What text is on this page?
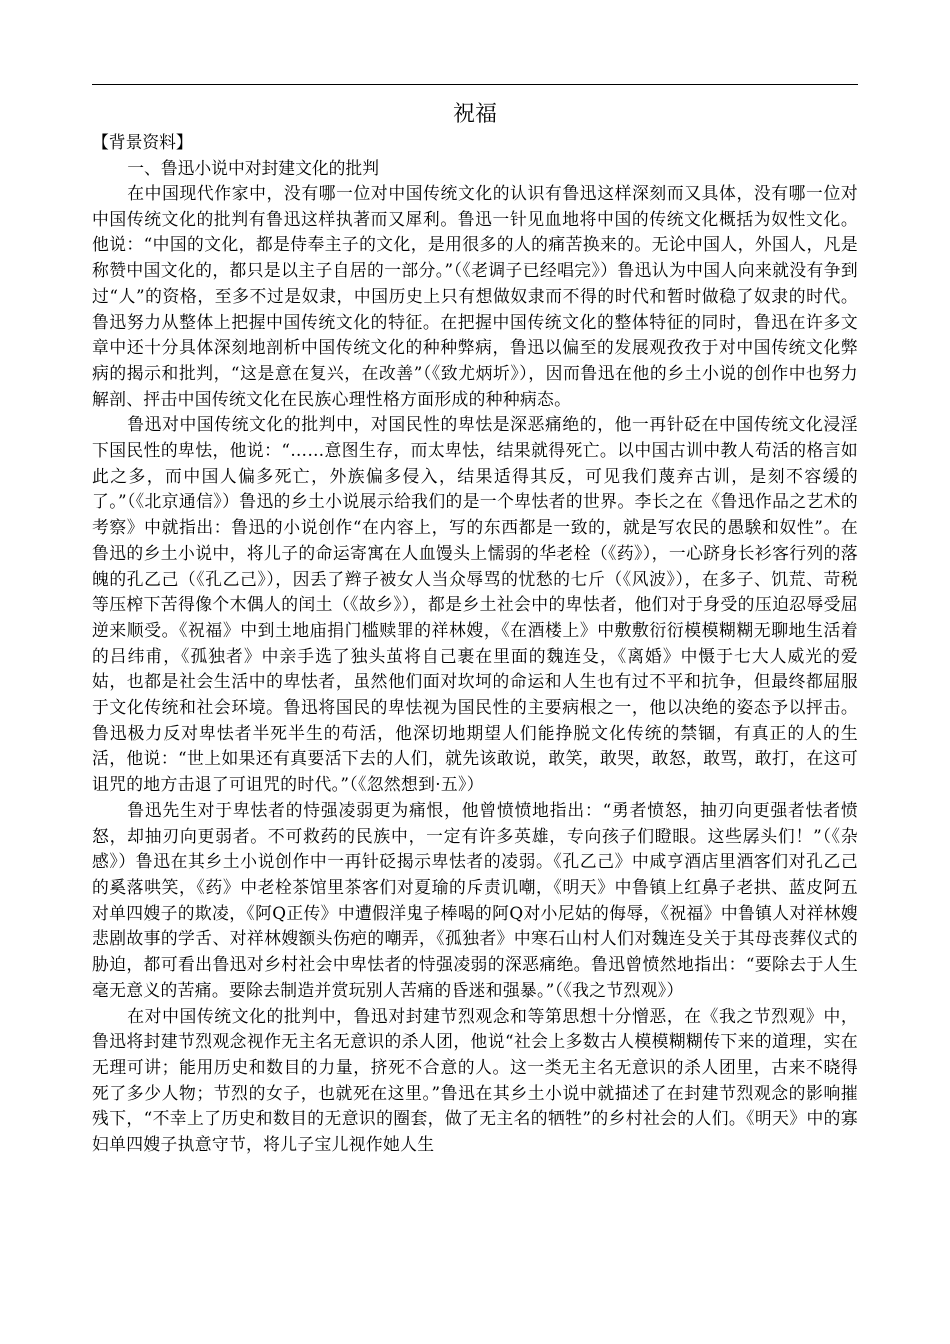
祝福
【背景资料】
一、鲁迅小说中对封建文化的批判

在中国现代作家中，没有哪一位对中国传统文化的认识有鲁迅这样深刻而又具体，没有哪一位对中国传统文化的批判有鲁迅这样执著而又犀利。鲁迅一针见血地将中国的传统文化概括为奴性文化。他说：“中国的文化，都是侍奉主子的文化，是用很多的人的痛苦换来的。无论中国人，外国人，凡是称赞中国文化的，都只是以主子自居的一部分。”（《老调子已经唱完》）鲁迅认为中国人向来就没有争到过“人”的资格，至多不过是奴隶，中国历史上只有想做奴隶而不得的时代和暂时做稳了奴隶的时代。鲁迅努力从整体上把握中国传统文化的特征。在把握中国传统文化的整体特征的同时，鲁迅在许多文章中还十分具体深刻地剖析中国传统文化的种种弊病，鲁迅以偏至的发展观孜孜于对中国传统文化弊病的揭示和批判，“这是意在复兴，在改善”（《致尤炳圻》），因而鲁迅在他的乡土小说的创作中也努力解剖、抨击中国传统文化在民族心理性格方面形成的种种病态。

鲁迅对中国传统文化的批判中，对国民性的卑怯是深恶痛绝的，他一再针砭在中国传统文化浸淫下国民性的卑怯，他说：“……意图生存，而太卑怯，结果就得死亡。以中国古训中教人苟活的格言如此之多，而中国人偏多死亡，外族偏多侵入，结果适得其反，可见我们蔑弃古训，是刻不容缓的了。”（《北京通信》）鲁迅的乡土小说展示给我们的是一个卑怯者的世界。李长之在《鲁迅作品之艺术的考察》中就指出：鲁迅的小说创作“在内容上，写的东西都是一致的，就是写农民的愚騃和奴性”。在鲁迅的乡土小说中，将儿子的命运寄寓在人血馒头上懦弱的华老栓（《药》），一心跻身长衫客行列的落魄的孔乙己（《孔乙己》），因丢了辫子被女人当众辱骂的忧愁的七斤（《风波》），在多子、饥荒、苛税等压榨下苦得像个木偶人的闰土（《故乡》），都是乡土社会中的卑怯者，他们对于身受的压迫忍辱受屈逆来顺受。《祝福》中到土地庙捐门槛赎罪的祥林嫂，《在酒楼上》中敷敷衍衍模模糊糊无聊地生活着的吕纬甫，《孤独者》中亲手选了独头茧将自己裹在里面的魏连殳，《离婚》中慑于七大人威光的爱姑，也都是社会生活中的卑怯者，虽然他们面对坎坷的命运和人生也有过不平和抗争，但最终都屈服于文化传统和社会环境。鲁迅将国民的卑怯视为国民性的主要病根之一，他以决绝的姿态予以抨击。鲁迅极力反对卑怯者半死半生的苟活，他深切地期望人们能挣脱文化传统的禁锢，有真正的人的生活，他说：“世上如果还有真要活下去的人们，就先该敢说，敢笑，敢哭，敢怒，敢骂，敢打，在这可诅咒的地方击退了可诅咒的时代。”（《忽然想到·五》）

鲁迅先生对于卑怯者的恃强凌弱更为痛恨，他曾愤愤地指出：“勇者愤怒，抽刃向更强者怯者愤怒，却抽刃向更弱者。不可救药的民族中，一定有许多英雄，专向孩子们瞪眼。这些孱头们！”（《杂感》）鲁迅在其乡土小说创作中一再针砭揭示卑怯者的凌弱。《孔乙己》中咸亨酒店里酒客们对孔乙己的奚落哄笑，《药》中老栓茶馆里茶客们对夏瑜的斥责讥嘲，《明天》中鲁镇上红鼻子老拱、蓝皮阿五对单四嫂子的欺凌，《阿Q正传》中遭假洋鬼子棒喝的阿Q对小尼姑的侮辱，《祝福》中鲁镇人对祥林嫂悲剧故事的学舌、对祥林嫂额头伤疤的嘲弄，《孤独者》中寒石山村人们对魏连殳关于其母丧葬仪式的胁迫，都可看出鲁迅对乡村社会中卑怯者的恃强凌弱的深恶痛绝。鲁迅曾愤然地指出：“要除去于人生毫无意义的苦痛。要除去制造并赏玩别人苦痛的昏迷和强暴。”（《我之节烈观》）

在对中国传统文化的批判中，鲁迅对封建节烈观念和等第思想十分憎恶，在《我之节烈观》中，鲁迅将封建节烈观念视作无主名无意识的杀人团，他说“社会上多数古人模模糊糊传下来的道理，实在无理可讲；能用历史和数目的力量，挤死不合意的人。这一类无主名无意识的杀人团里，古来不晓得死了多少人物；节烈的女子，也就死在这里。”鲁迅在其乡土小说中就描述了在封建节烈观念的影响摧残下，“不幸上了历史和数目的无意识的圈套，做了无主名的牺牲”的乡村社会的人们。《明天》中的寡妇单四嫂子执意守节，将儿子宝儿视作她人生
